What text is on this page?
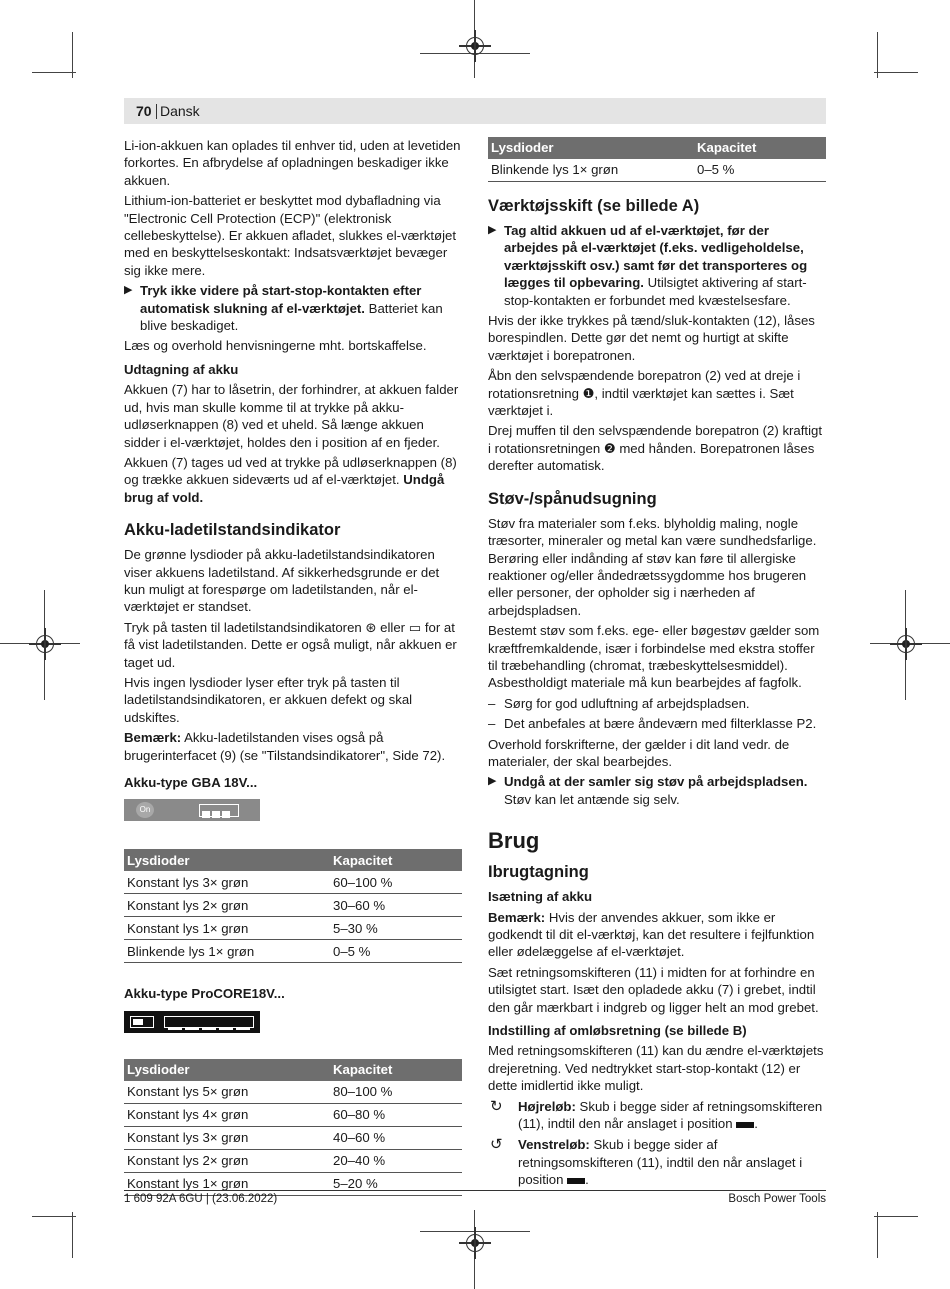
70 Dansk

Li-ion-akkuen kan oplades til enhver tid, uden at levetiden forkortes. En afbrydelse af opladningen beskadiger ikke akkuen.

Lithium-ion-batteriet er beskyttet mod dybafladning via "Electronic Cell Protection (ECP)" (elektronisk cellebeskyttelse). Er akkuen afladet, slukkes el-værktøjet med en beskyttelseskontakt: Indsatsværktøjet bevæger sig ikke mere.

▶ Tryk ikke videre på start-stop-kontakten efter automatisk slukning af el-værktøjet. Batteriet kan blive beskadiget.

Læs og overhold henvisningerne mht. bortskaffelse.

Udtagning af akku

Akkuen (7) har to låsetrin, der forhindrer, at akkuen falder ud, hvis man skulle komme til at trykke på akku-udløserknappen (8) ved et uheld. Så længe akkuen sidder i el-værktøjet, holdes den i position af en fjeder.

Akkuen (7) tages ud ved at trykke på udløserknappen (8) og trække akkuen sideværts ud af el-værktøjet. Undgå brug af vold.

Akku-ladetilstandsindikator

De grønne lysdioder på akku-ladetilstandsindikatoren viser akkuens ladetilstand. Af sikkerhedsgrunde er det kun muligt at forespørge om ladetilstanden, når el-værktøjet er standset.

Tryk på tasten til ladetilstandsindikatoren ⊛ eller ▭ for at få vist ladetilstanden. Dette er også muligt, når akkuen er taget ud.

Hvis ingen lysdioder lyser efter tryk på tasten til ladetilstandsindikatoren, er akkuen defekt og skal udskiftes.

Bemærk: Akku-ladetilstanden vises også på brugerinterfacet (9) (se "Tilstandsindikatorer", Side 72).

Akku-type GBA 18V...
On
Lysdioder	Kapacitet
Konstant lys 3× grøn	60–100 %
Konstant lys 2× grøn	30–60 %
Konstant lys 1× grøn	5–30 %
Blinkende lys 1× grøn	0–5 %
Akku-type ProCORE18V...
Lysdioder	Kapacitet
Konstant lys 5× grøn	80–100 %
Konstant lys 4× grøn	60–80 %
Konstant lys 3× grøn	40–60 %
Konstant lys 2× grøn	20–40 %
Konstant lys 1× grøn	5–20 %
Lysdioder	Kapacitet
Blinkende lys 1× grøn	0–5 %
Værktøjsskift (se billede A)
▶ Tag altid akkuen ud af el-værktøjet, før der arbejdes på el-værktøjet (f.eks. vedligeholdelse, værktøjsskift osv.) samt før det transporteres og lægges til opbevaring. Utilsigtet aktivering af start-stop-kontakten er forbundet med kvæstelsesfare.

Hvis der ikke trykkes på tænd/sluk-kontakten (12), låses borespindlen. Dette gør det nemt og hurtigt at skifte værktøjet i borepatronen.

Åbn den selvspændende borepatron (2) ved at dreje i rotationsretning ❶, indtil værktøjet kan sættes i. Sæt værktøjet i.

Drej muffen til den selvspændende borepatron (2) kraftigt i rotationsretningen ❷ med hånden. Borepatronen låses derefter automatisk.

Støv-/spånudsugning

Støv fra materialer som f.eks. blyholdig maling, nogle træsorter, mineraler og metal kan være sundhedsfarlige. Berøring eller indånding af støv kan føre til allergiske reaktioner og/eller åndedrætssygdomme hos brugeren eller personer, der opholder sig i nærheden af arbejdspladsen.

Bestemt støv som f.eks. ege- eller bøgestøv gælder som kræftfremkaldende, især i forbindelse med ekstra stoffer til træbehandling (chromat, træbeskyttelsesmiddel). Asbestholdigt materiale må kun bearbejdes af fagfolk.

– Sørg for god udluftning af arbejdspladsen.
– Det anbefales at bære åndeværn med filterklasse P2.

Overhold forskrifterne, der gælder i dit land vedr. de materialer, der skal bearbejdes.

▶ Undgå at der samler sig støv på arbejdspladsen. Støv kan let antænde sig selv.
Brug
Ibrugtagning
Isætning af akku

Bemærk: Hvis der anvendes akkuer, som ikke er godkendt til dit el-værktøj, kan det resultere i fejlfunktion eller ødelæggelse af el-værktøjet.

Sæt retningsomskifteren (11) i midten for at forhindre en utilsigtet start. Isæt den opladede akku (7) i grebet, indtil den går mærkbart i indgreb og ligger helt an mod grebet.

Indstilling af omløbsretning (se billede B)

Med retningsomskifteren (11) kan du ændre el-værktøjets drejeretning. Ved nedtrykket start-stop-kontakt (12) er dette imidlertid ikke muligt.

↻ Højreløb: Skub i begge sider af retningsomskifteren (11), indtil den når anslaget i position .
↺ Venstreløb: Skub i begge sider af retningsomskifteren (11), indtil den når anslaget i position .
1 609 92A 6GU | (23.06.2022)	Bosch Power Tools
